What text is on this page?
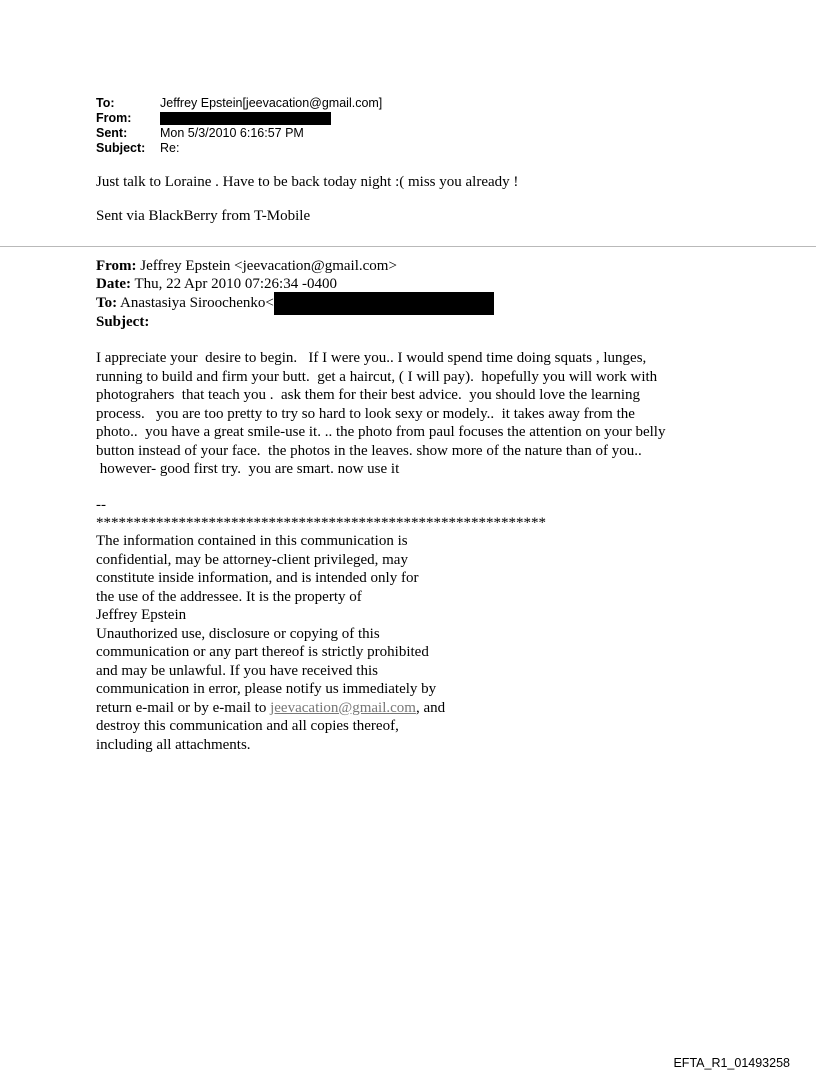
To:	Jeffrey Epstein[jeevacation@gmail.com]
From:
Sent:	Mon 5/3/2010 6:16:57 PM
Subject: Re:
Just talk to Loraine . Have to be back today night :( miss you already !
Sent via BlackBerry from T-Mobile
From: Jeffrey Epstein <jeevacation@gmail.com>
Date: Thu, 22 Apr 2010 07:26:34 -0400
To: Anastasiya Siroochenko<
Subject:
I appreciate your  desire to begin.   If I were you.. I would spend time doing squats , lunges,
running to build and firm your butt.  get a haircut, ( I will pay).  hopefully you will work with
photograhers  that teach you .  ask them for their best advice.  you should love the learning
process.   you are too pretty to try so hard to look sexy or modely..  it takes away from the
photo..  you have a great smile-use it. .. the photo from paul focuses the attention on your belly
button instead of your face.  the photos in the leaves. show more of the nature than of you..
however- good first try.  you are smart. now use it
--
************************************************************
The information contained in this communication is
confidential, may be attorney-client privileged, may
constitute inside information, and is intended only for
the use of the addressee. It is the property of
Jeffrey Epstein
Unauthorized use, disclosure or copying of this
communication or any part thereof is strictly prohibited
and may be unlawful. If you have received this
communication in error, please notify us immediately by
return e-mail or by e-mail to jeevacation@gmail.com, and
destroy this communication and all copies thereof,
including all attachments.
EFTA_R1_01493258
